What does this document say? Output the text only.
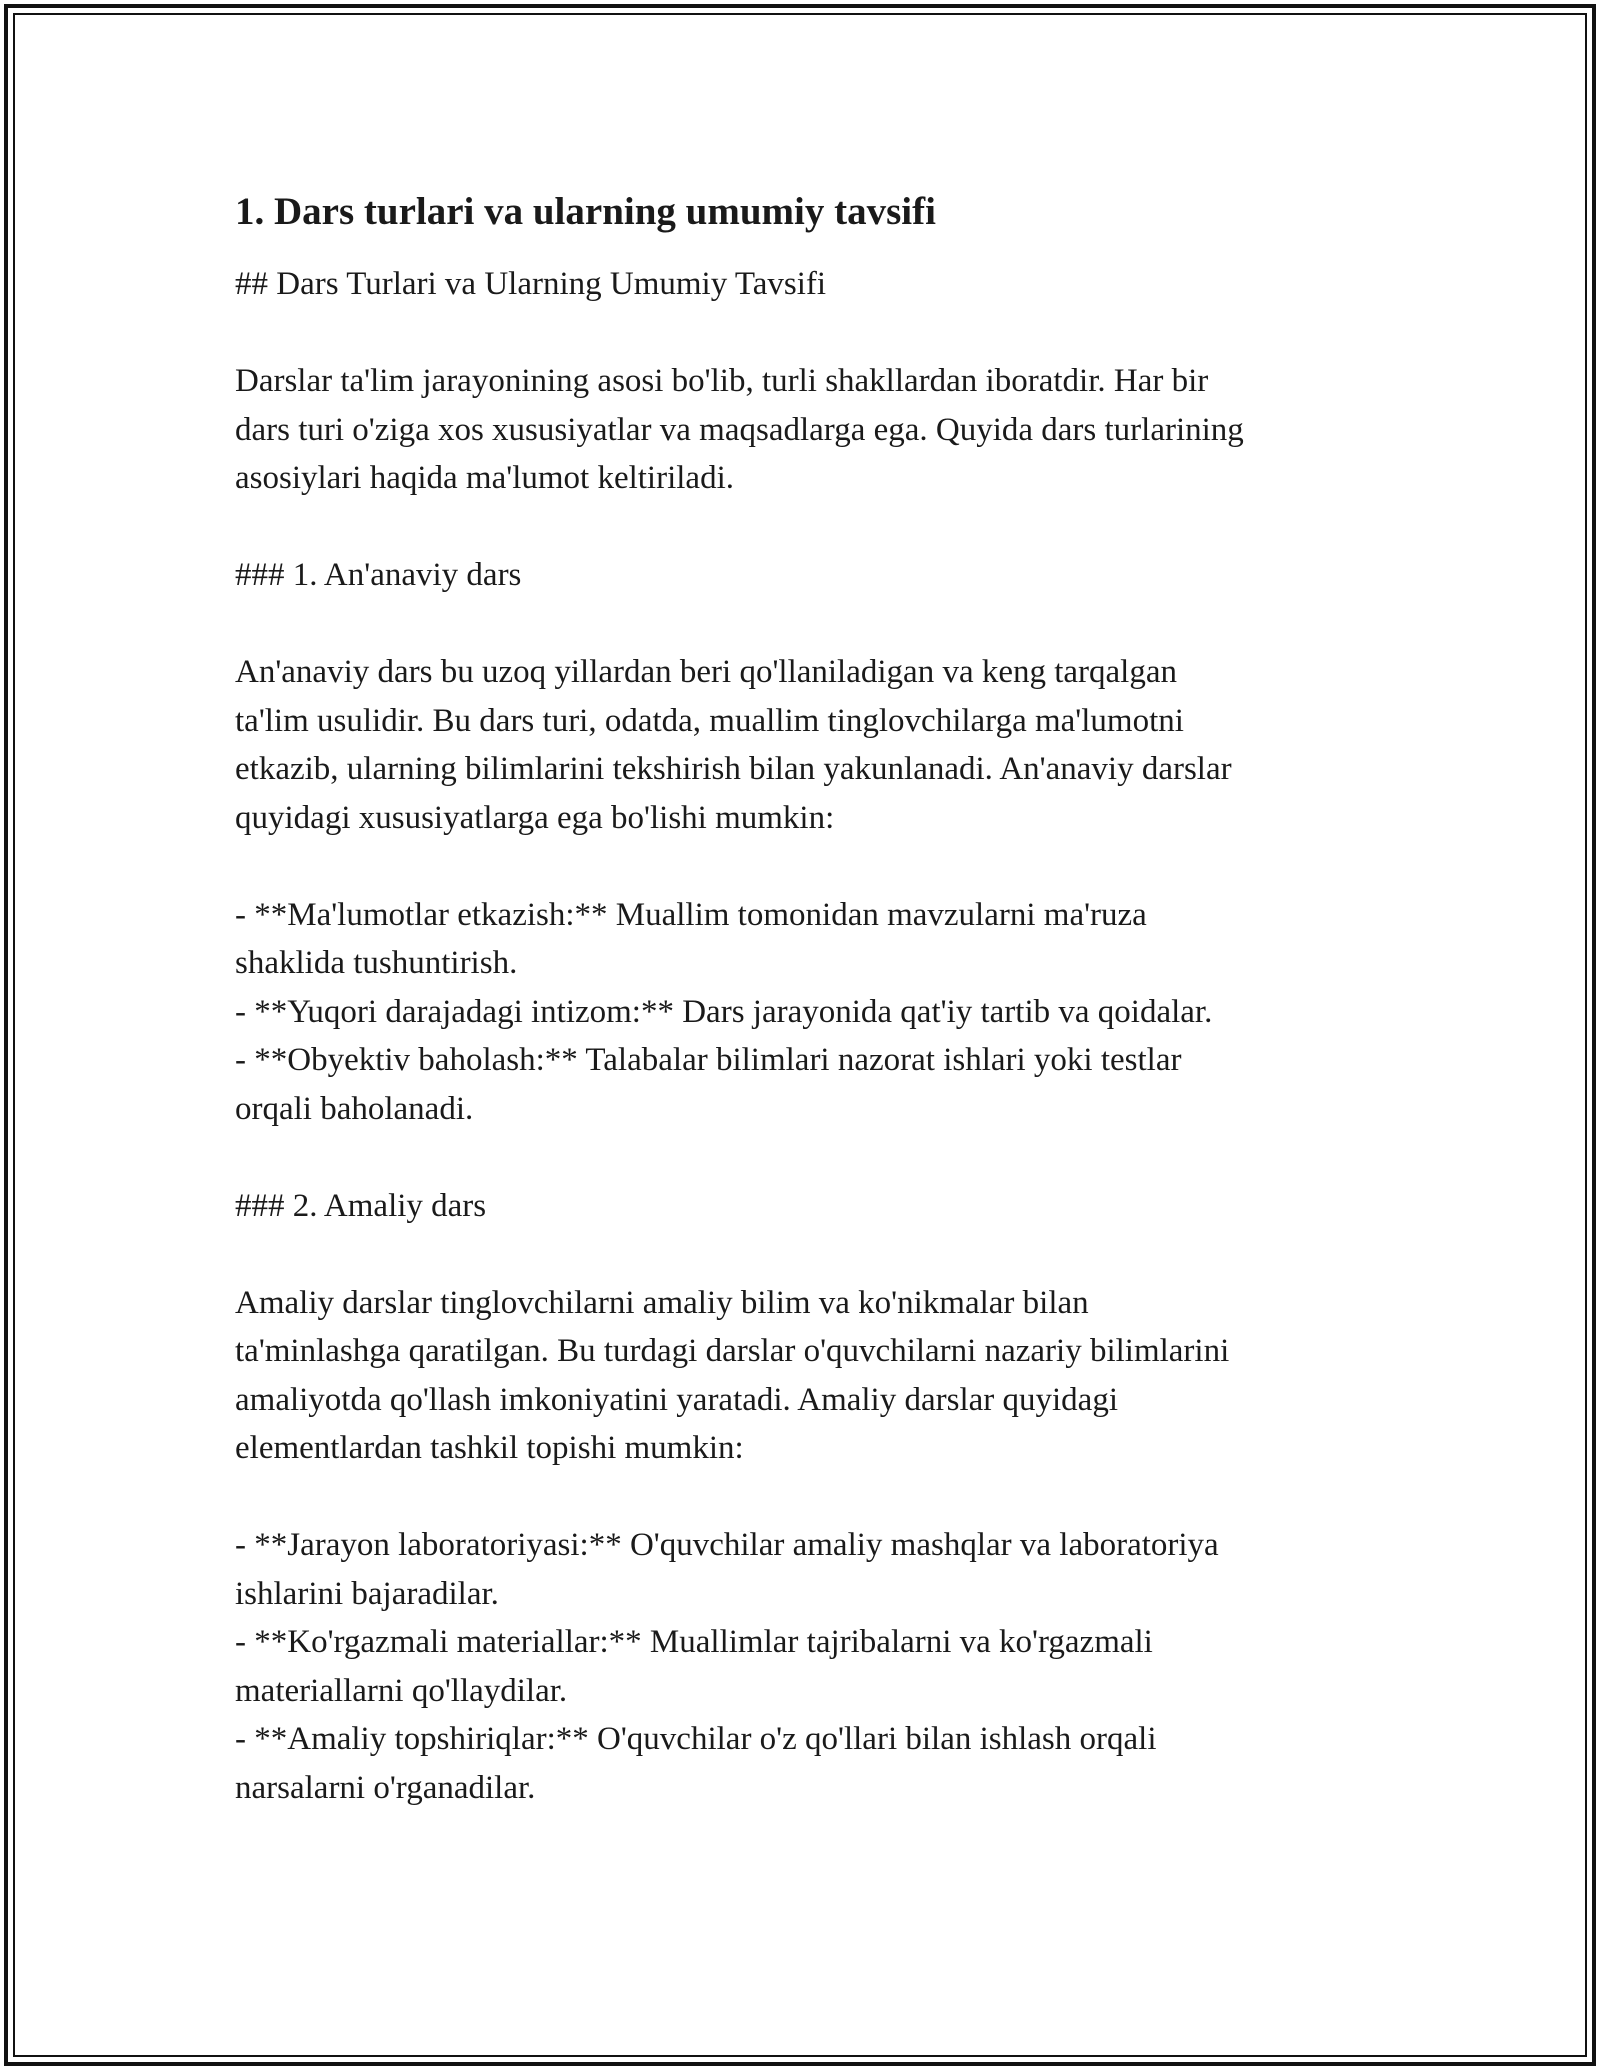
1. Dars turlari va ularning umumiy tavsifi

## Dars Turlari va Ularning Umumiy Tavsifi

Darslar ta'lim jarayonining asosi bo'lib, turli shakllardan iboratdir. Har bir

dars turi o'ziga xos xususiyatlar va maqsadlarga ega. Quyida dars turlarining

asosiylari haqida ma'lumot keltiriladi.

### 1. An'anaviy dars

An'anaviy dars bu uzoq yillardan beri qo'llaniladigan va keng tarqalgan

ta'lim usulidir. Bu dars turi, odatda, muallim tinglovchilarga ma'lumotni

etkazib, ularning bilimlarini tekshirish bilan yakunlanadi. An'anaviy darslar

quyidagi xususiyatlarga ega bo'lishi mumkin:

- **Ma'lumotlar etkazish:** Muallim tomonidan mavzularni ma'ruza

shaklida tushuntirish.

- **Yuqori darajadagi intizom:** Dars jarayonida qat'iy tartib va qoidalar.

- **Obyektiv baholash:** Talabalar bilimlari nazorat ishlari yoki testlar

orqali baholanadi.

### 2. Amaliy dars

Amaliy darslar tinglovchilarni amaliy bilim va ko'nikmalar bilan

ta'minlashga qaratilgan. Bu turdagi darslar o'quvchilarni nazariy bilimlarini

amaliyotda qo'llash imkoniyatini yaratadi. Amaliy darslar quyidagi

elementlardan tashkil topishi mumkin:

- **Jarayon laboratoriyasi:** O'quvchilar amaliy mashqlar va laboratoriya

ishlarini bajaradilar.

- **Ko'rgazmali materiallar:** Muallimlar tajribalarni va ko'rgazmali

materiallarni qo'llaydilar.

- **Amaliy topshiriqlar:** O'quvchilar o'z qo'llari bilan ishlash orqali

narsalarni o'rganadilar.
